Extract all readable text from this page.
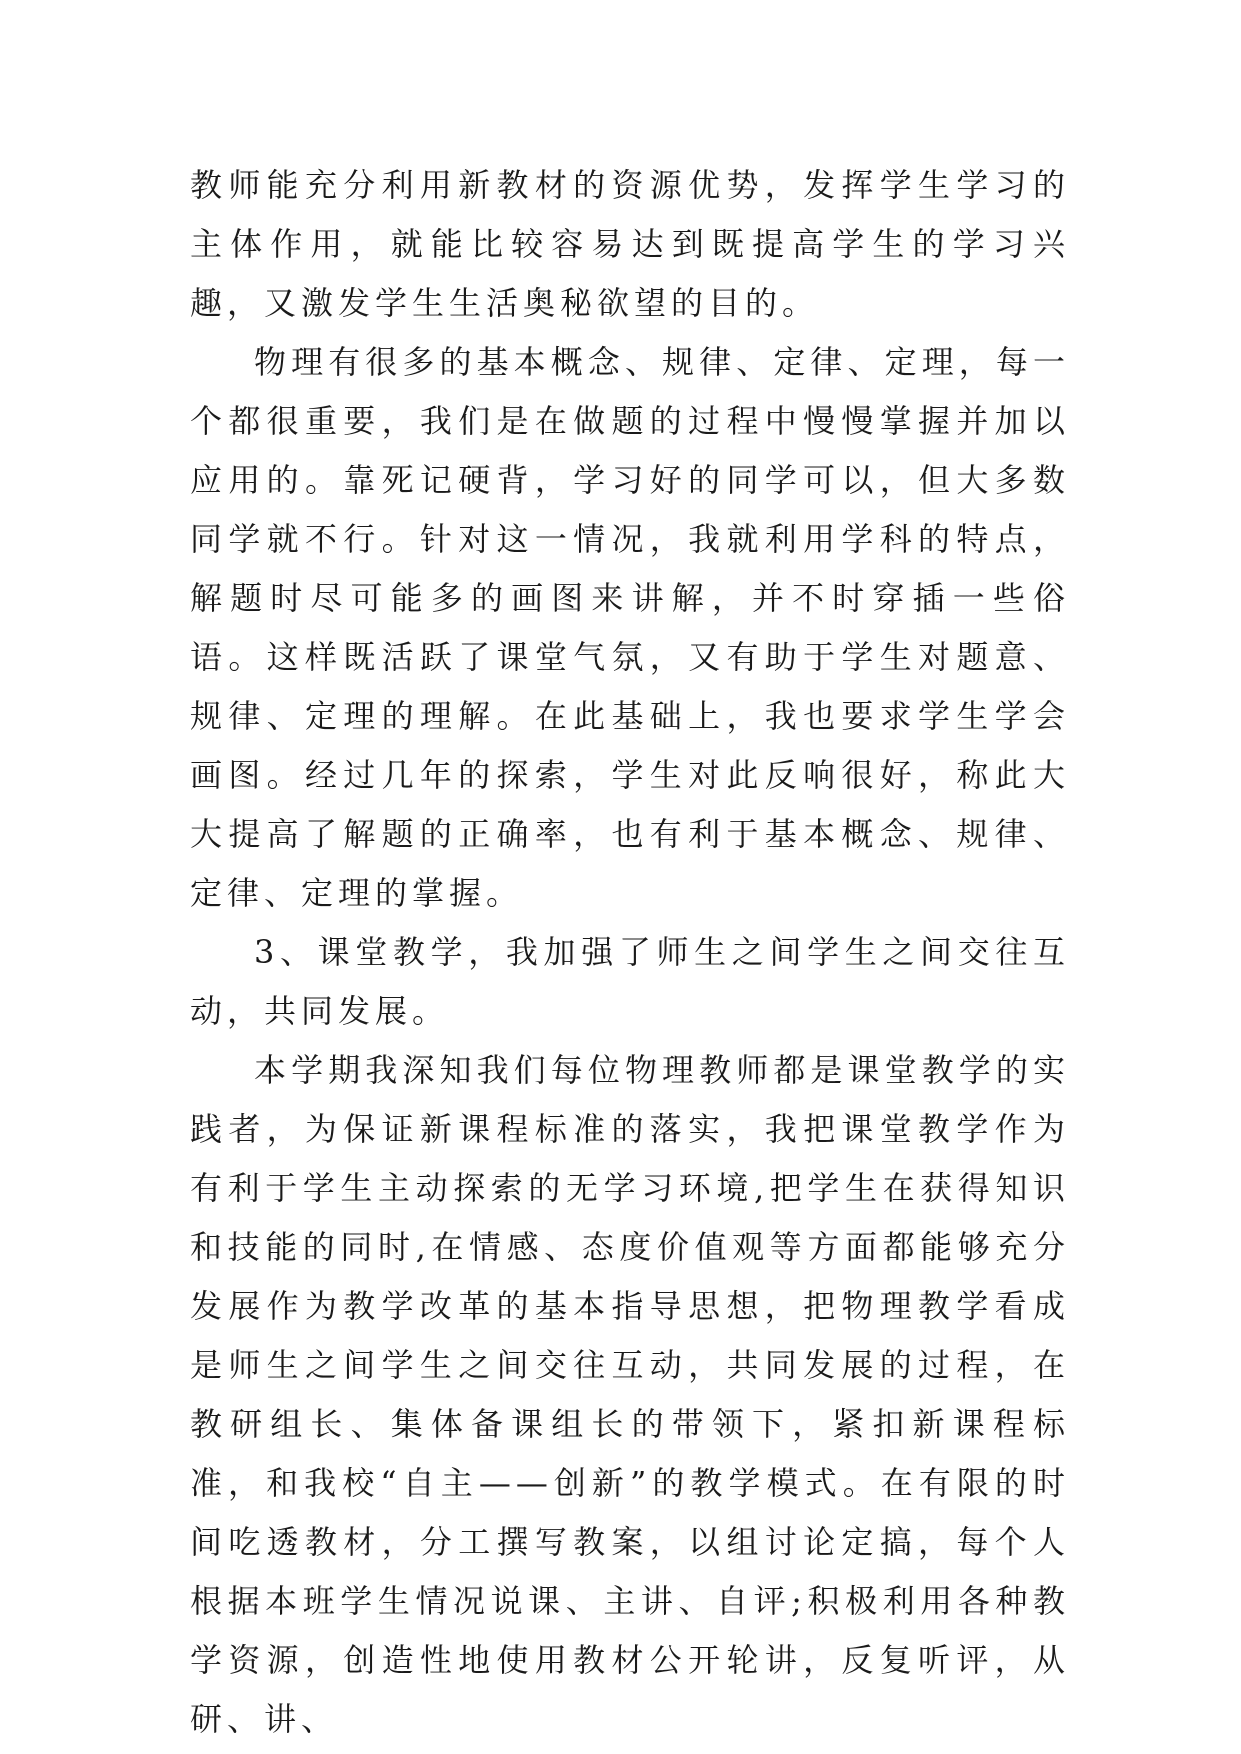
教师能充分利用新教材的资源优势，发挥学生学习的主体作用，就能比较容易达到既提高学生的学习兴趣，又激发学生生活奥秘欲望的目的。

物理有很多的基本概念、规律、定律、定理，每一个都很重要，我们是在做题的过程中慢慢掌握并加以应用的。靠死记硬背，学习好的同学可以，但大多数同学就不行。针对这一情况，我就利用学科的特点，解题时尽可能多的画图来讲解，并不时穿插一些俗语。这样既活跃了课堂气氛，又有助于学生对题意、规律、定理的理解。在此基础上，我也要求学生学会画图。经过几年的探索，学生对此反响很好，称此大大提高了解题的正确率，也有利于基本概念、规律、定律、定理的掌握。

3、课堂教学，我加强了师生之间学生之间交往互动，共同发展。

本学期我深知我们每位物理教师都是课堂教学的实践者，为保证新课程标准的落实，我把课堂教学作为有利于学生主动探索的无学习环境,把学生在获得知识和技能的同时,在情感、态度价值观等方面都能够充分发展作为教学改革的基本指导思想，把物理教学看成是师生之间学生之间交往互动，共同发展的过程，在教研组长、集体备课组长的带领下，紧扣新课程标准，和我校“自主——创新”的教学模式。在有限的时间吃透教材，分工撰写教案，以组讨论定搞，每个人根据本班学生情况说课、主讲、自评;积极利用各种教学资源，创造性地使用教材公开轮讲，反复听评，从研、讲、
